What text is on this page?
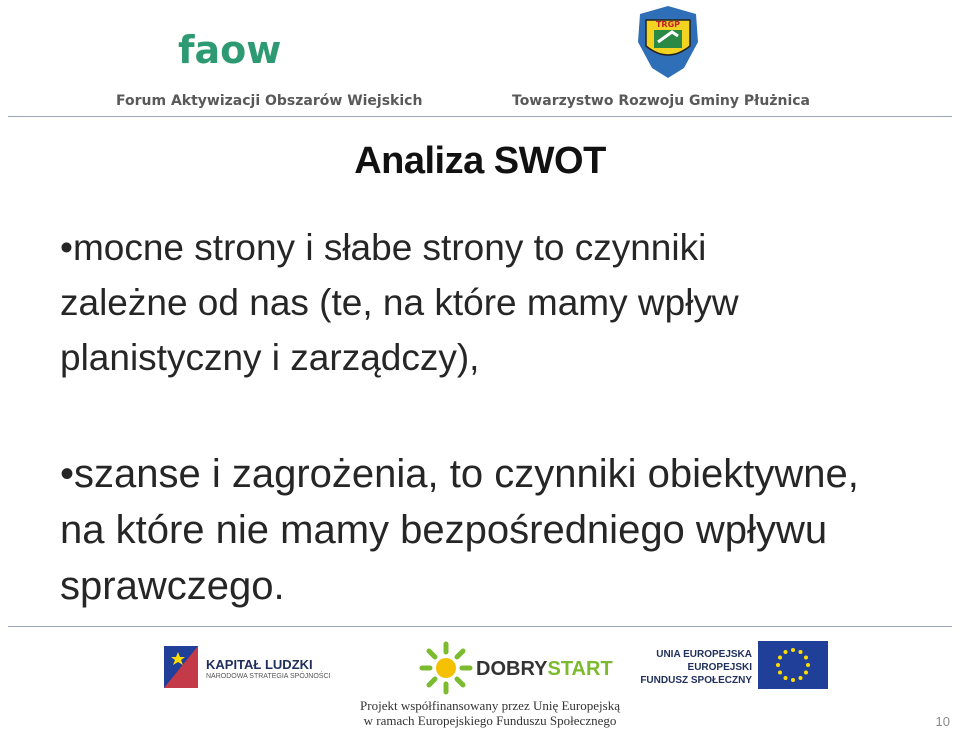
faow
Forum Aktywizacji Obszarów Wiejskich
TRGP
Towarzystwo Rozwoju Gminy Płużnica
Analiza SWOT
•mocne strony i słabe strony to czynniki
zależne od nas (te, na które mamy wpływ
planistyczny i zarządczy),
•szanse i zagrożenia, to czynniki obiektywne,
na które nie mamy bezpośredniego wpływu
sprawczego.
KAPITAŁ LUDZKI
NARODOWA STRATEGIA SPÓJNOŚCI	DOBRYSTART
UNIA EUROPEJSKA
EUROPEJSKI
FUNDUSZ SPOŁECZNY
Projekt współfinansowany przez Unię Europejską
w ramach Europejskiego Funduszu Społecznego	10
